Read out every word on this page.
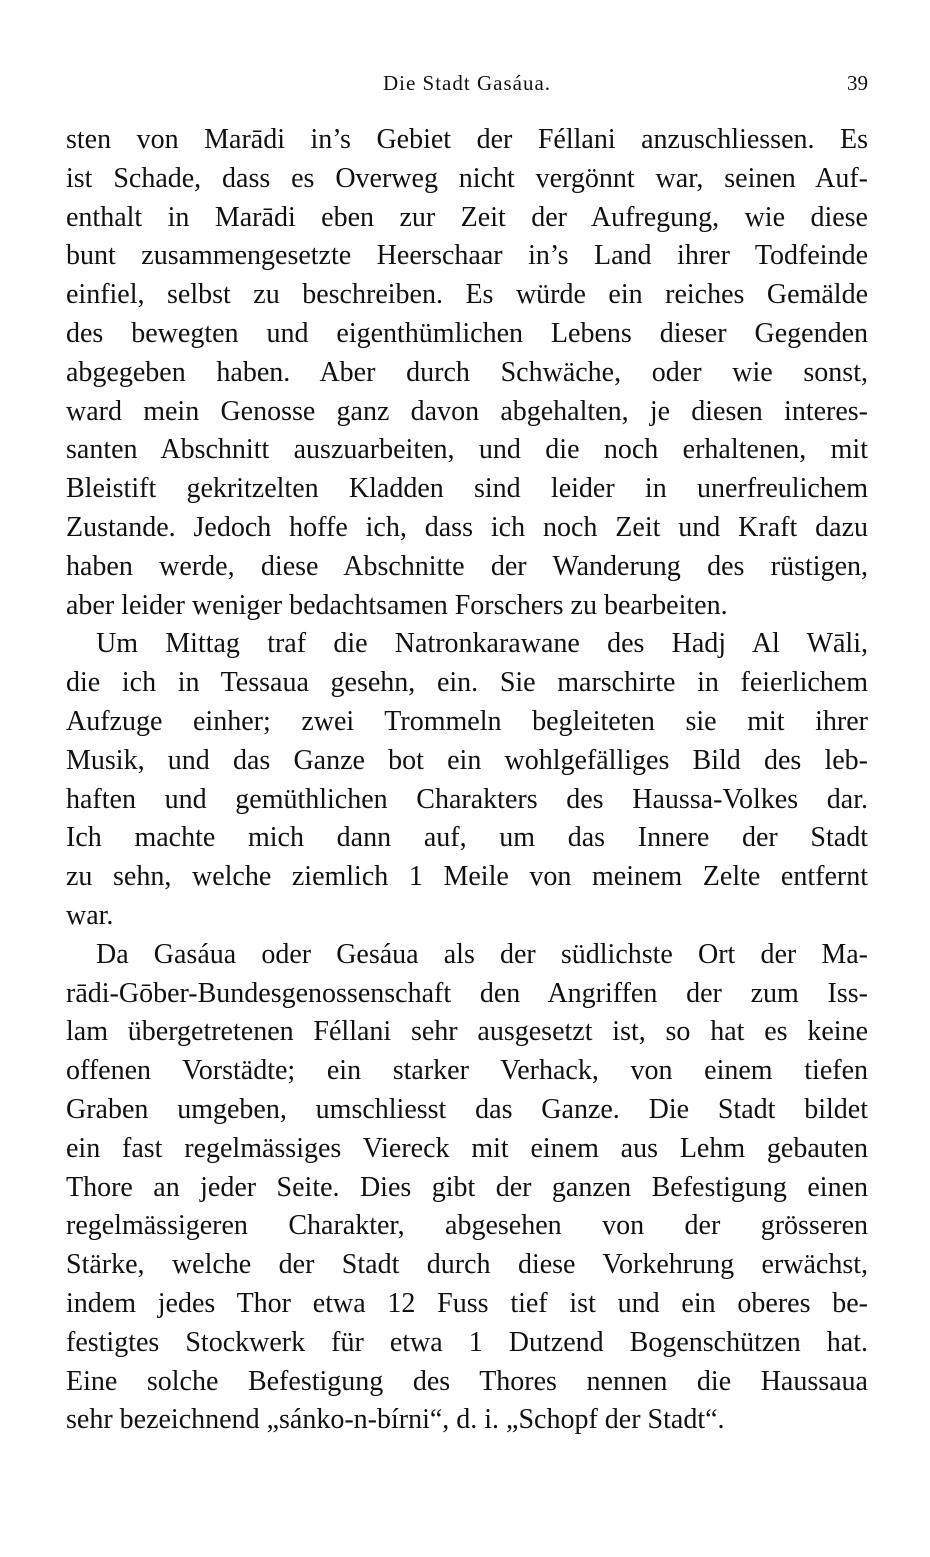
Die Stadt Gasáua.	39
sten von Marādi in’s Gebiet der Féllani anzuschliessen. Es
ist Schade, dass es Overweg nicht vergönnt war, seinen Auf-
enthalt in Marādi eben zur Zeit der Aufregung, wie diese
bunt zusammengesetzte Heerschaar in’s Land ihrer Todfeinde
einfiel, selbst zu beschreiben. Es würde ein reiches Gemälde
des bewegten und eigenthümlichen Lebens dieser Gegenden
abgegeben haben. Aber durch Schwäche, oder wie sonst,
ward mein Genosse ganz davon abgehalten, je diesen interes-
santen Abschnitt auszuarbeiten, und die noch erhaltenen, mit
Bleistift gekritzelten Kladden sind leider in unerfreulichem
Zustande. Jedoch hoffe ich, dass ich noch Zeit und Kraft dazu
haben werde, diese Abschnitte der Wanderung des rüstigen,
aber leider weniger bedachtsamen Forschers zu bearbeiten.
Um Mittag traf die Natronkarawane des Hadj Al Wāli,
die ich in Tessaua gesehn, ein. Sie marschirte in feierlichem
Aufzuge einher; zwei Trommeln begleiteten sie mit ihrer
Musik, und das Ganze bot ein wohlgefälliges Bild des leb-
haften und gemüthlichen Charakters des Haussa-Volkes dar.
Ich machte mich dann auf, um das Innere der Stadt
zu sehn, welche ziemlich 1 Meile von meinem Zelte entfernt
war.
Da Gasáua oder Gesáua als der südlichste Ort der Ma-
rādi-Gōber-Bundesgenossenschaft den Angriffen der zum Iss-
lam übergetretenen Féllani sehr ausgesetzt ist, so hat es keine
offenen Vorstädte; ein starker Verhack, von einem tiefen
Graben umgeben, umschliesst das Ganze. Die Stadt bildet
ein fast regelmässiges Viereck mit einem aus Lehm gebauten
Thore an jeder Seite. Dies gibt der ganzen Befestigung einen
regelmässigeren Charakter, abgesehen von der grösseren
Stärke, welche der Stadt durch diese Vorkehrung erwächst,
indem jedes Thor etwa 12 Fuss tief ist und ein oberes be-
festigtes Stockwerk für etwa 1 Dutzend Bogenschützen hat.
Eine solche Befestigung des Thores nennen die Haussaua
sehr bezeichnend „sánko-n-bírni“, d. i. „Schopf der Stadt“.
